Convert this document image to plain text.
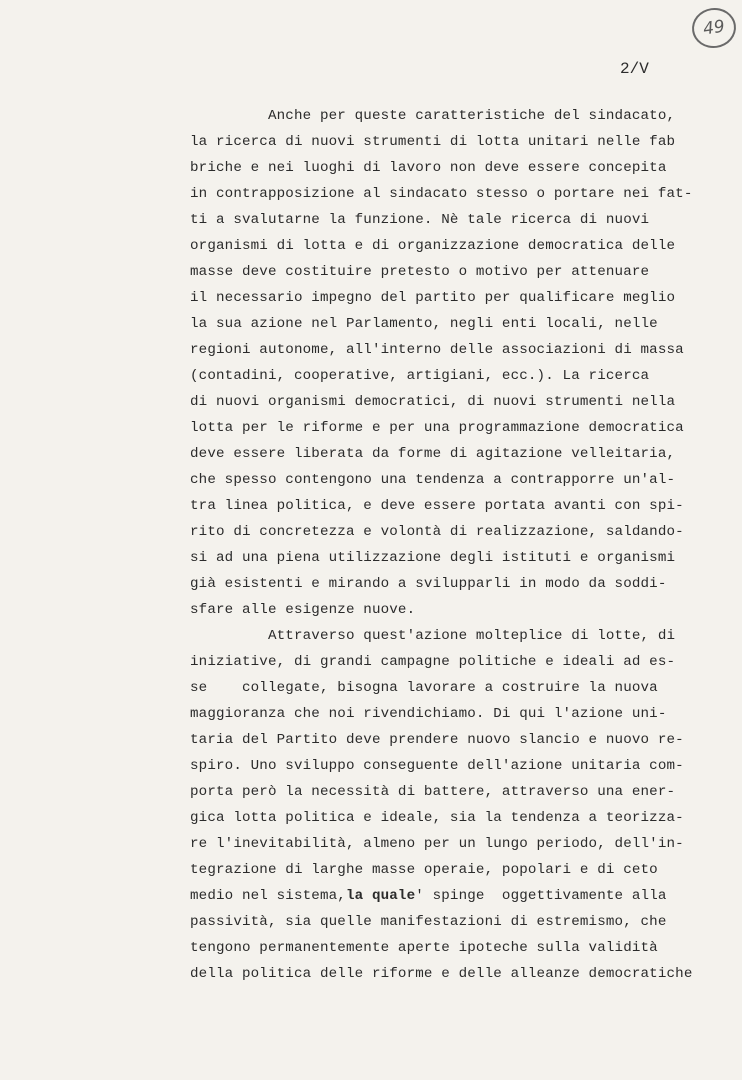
49
2/V
Anche per queste caratteristiche del sindacato,
la ricerca di nuovi strumenti di lotta unitari nelle fab
briche e nei luoghi di lavoro non deve essere concepita
in contrapposizione al sindacato stesso o portare nei fat-
ti a svalutarne la funzione. Nè tale ricerca di nuovi
organismi di lotta e di organizzazione democratica delle
masse deve costituire pretesto o motivo per attenuare
il necessario impegno del partito per qualificare meglio
la sua azione nel Parlamento, negli enti locali, nelle
regioni autonome, all'interno delle associazioni di massa
(contadini, cooperative, artigiani, ecc.). La ricerca
di nuovi organismi democratici, di nuovi strumenti nella
lotta per le riforme e per una programmazione democratica
deve essere liberata da forme di agitazione velleitaria,
che spesso contengono una tendenza a contrapporre un'al-
tra linea politica, e deve essere portata avanti con spi-
rito di concretezza e volontà di realizzazione, saldando-
si ad una piena utilizzazione degli istituti e organismi
già esistenti e mirando a svilupparli in modo da soddi-
sfare alle esigenze nuove.
Attraverso quest'azione molteplice di lotte, di
iniziative, di grandi campagne politiche e ideali ad es-
se    collegate, bisogna lavorare a costruire la nuova
maggioranza che noi rivendichiamo. Di qui l'azione uni-
taria del Partito deve prendere nuovo slancio e nuovo re-
spiro. Uno sviluppo conseguente dell'azione unitaria com-
porta però la necessità di battere, attraverso una ener-
gica lotta politica e ideale, sia la tendenza a teorizza-
re l'inevitabilità, almeno per un lungo periodo, dell'in-
tegrazione di larghe masse operaie, popolari e di ceto
medio nel sistema,la quale' spinge  oggettivamente alla
passività, sia quelle manifestazioni di estremismo, che
tengono permanentemente aperte ipoteche sulla validità
della politica delle riforme e delle alleanze democratiche
